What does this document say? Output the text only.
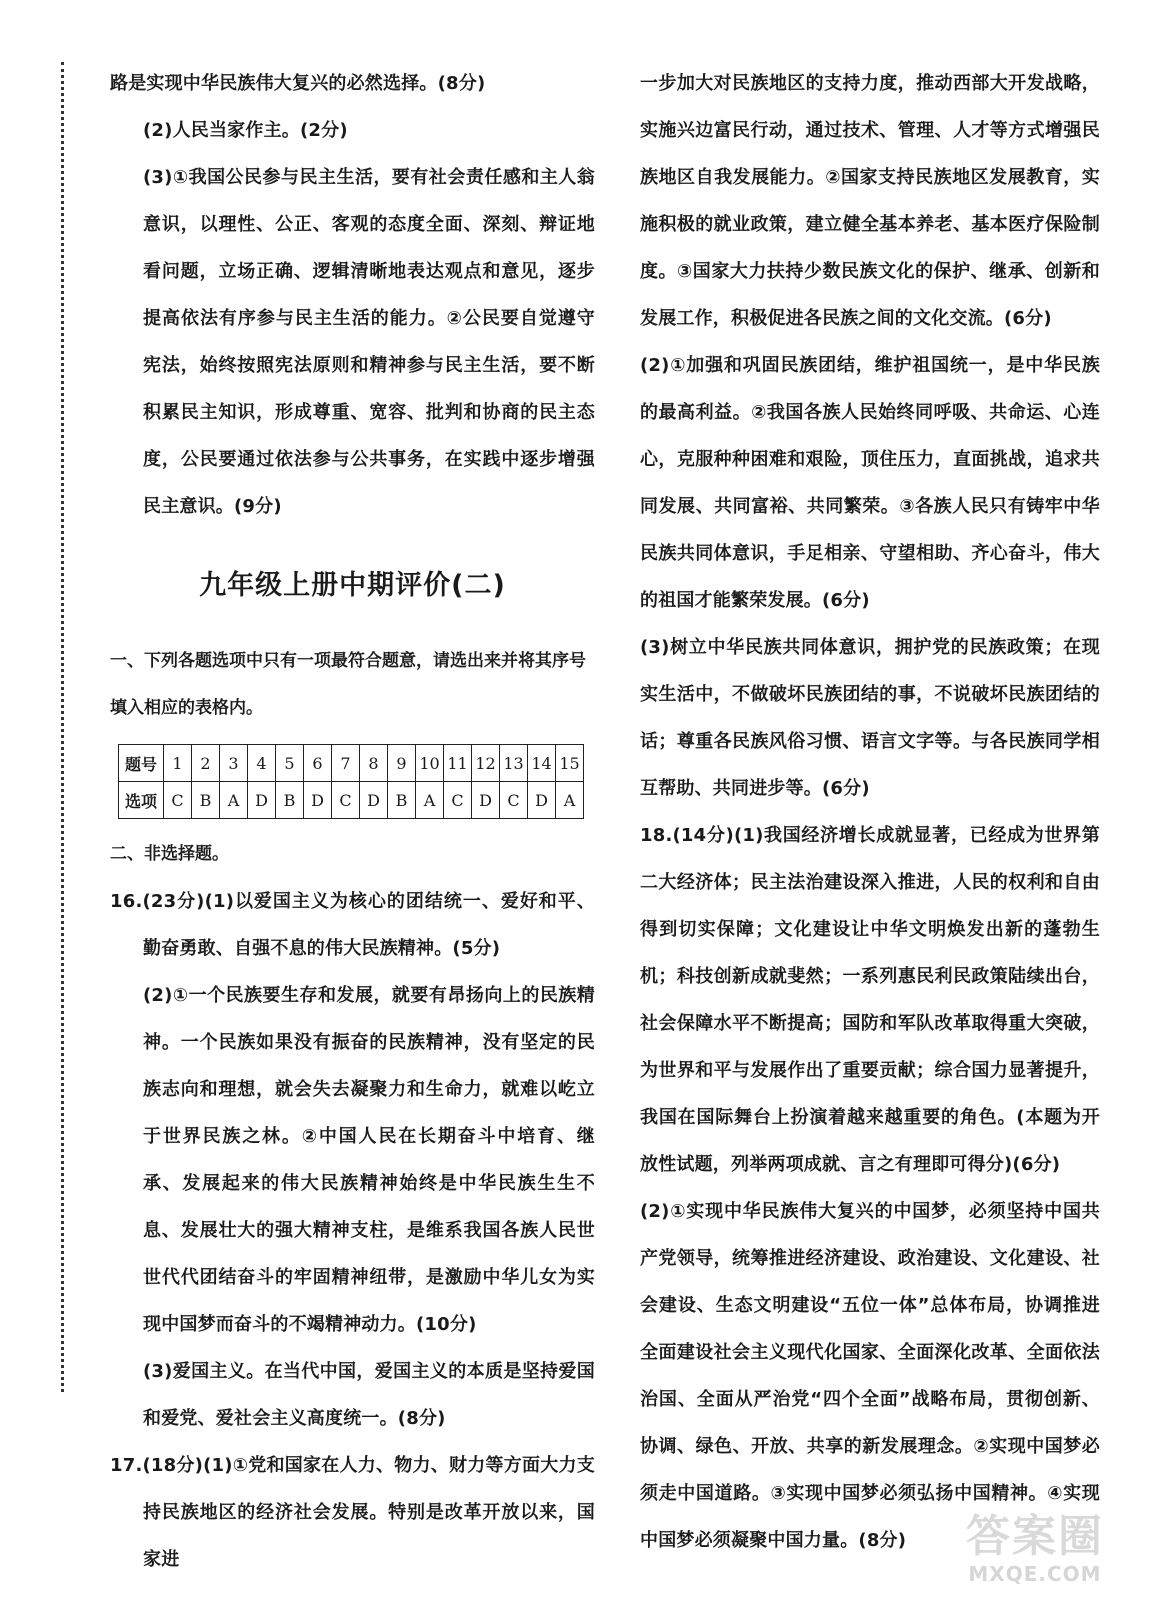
路是实现中华民族伟大复兴的必然选择。(8分)

(2)人民当家作主。(2分)

(3)①我国公民参与民主生活，要有社会责任感和主人翁意识，以理性、公正、客观的态度全面、深刻、辩证地看问题，立场正确、逻辑清晰地表达观点和意见，逐步提高依法有序参与民主生活的能力。②公民要自觉遵守宪法，始终按照宪法原则和精神参与民主生活，要不断积累民主知识，形成尊重、宽容、批判和协商的民主态度，公民要通过依法参与公共事务，在实践中逐步增强民主意识。(9分)

九年级上册中期评价(二)

一、下列各题选项中只有一项最符合题意，请选出来并将其序号填入相应的表格内。

题号	1	2	3	4	5	6	7	8	9	10	11	12	13	14	15
选项	C	B	A	D	B	D	C	D	B	A	C	D	C	D	A

二、非选择题。

16.(23分)(1)以爱国主义为核心的团结统一、爱好和平、勤奋勇敢、自强不息的伟大民族精神。(5分)

(2)①一个民族要生存和发展，就要有昂扬向上的民族精神。一个民族如果没有振奋的民族精神，没有坚定的民族志向和理想，就会失去凝聚力和生命力，就难以屹立于世界民族之林。②中国人民在长期奋斗中培育、继承、发展起来的伟大民族精神始终是中华民族生生不息、发展壮大的强大精神支柱，是维系我国各族人民世世代代团结奋斗的牢固精神纽带，是激励中华儿女为实现中国梦而奋斗的不竭精神动力。(10分)

(3)爱国主义。在当代中国，爱国主义的本质是坚持爱国和爱党、爱社会主义高度统一。(8分)

17.(18分)(1)①党和国家在人力、物力、财力等方面大力支持民族地区的经济社会发展。特别是改革开放以来，国家进

一步加大对民族地区的支持力度，推动西部大开发战略，实施兴边富民行动，通过技术、管理、人才等方式增强民族地区自我发展能力。②国家支持民族地区发展教育，实施积极的就业政策，建立健全基本养老、基本医疗保险制度。③国家大力扶持少数民族文化的保护、继承、创新和发展工作，积极促进各民族之间的文化交流。(6分)

(2)①加强和巩固民族团结，维护祖国统一，是中华民族的最高利益。②我国各族人民始终同呼吸、共命运、心连心，克服种种困难和艰险，顶住压力，直面挑战，追求共同发展、共同富裕、共同繁荣。③各族人民只有铸牢中华民族共同体意识，手足相亲、守望相助、齐心奋斗，伟大的祖国才能繁荣发展。(6分)

(3)树立中华民族共同体意识，拥护党的民族政策；在现实生活中，不做破坏民族团结的事，不说破坏民族团结的话；尊重各民族风俗习惯、语言文字等。与各民族同学相互帮助、共同进步等。(6分)

18.(14分)(1)我国经济增长成就显著，已经成为世界第二大经济体；民主法治建设深入推进，人民的权利和自由得到切实保障；文化建设让中华文明焕发出新的蓬勃生机；科技创新成就斐然；一系列惠民利民政策陆续出台，社会保障水平不断提高；国防和军队改革取得重大突破，为世界和平与发展作出了重要贡献；综合国力显著提升，我国在国际舞台上扮演着越来越重要的角色。(本题为开放性试题，列举两项成就、言之有理即可得分)(6分)

(2)①实现中华民族伟大复兴的中国梦，必须坚持中国共产党领导，统筹推进经济建设、政治建设、文化建设、社会建设、生态文明建设“五位一体”总体布局，协调推进全面建设社会主义现代化国家、全面深化改革、全面依法治国、全面从严治党“四个全面”战略布局，贯彻创新、协调、绿色、开放、共享的新发展理念。②实现中国梦必须走中国道路。③实现中国梦必须弘扬中国精神。④实现中国梦必须凝聚中国力量。(8分)	答案圈
MXQE.COM
